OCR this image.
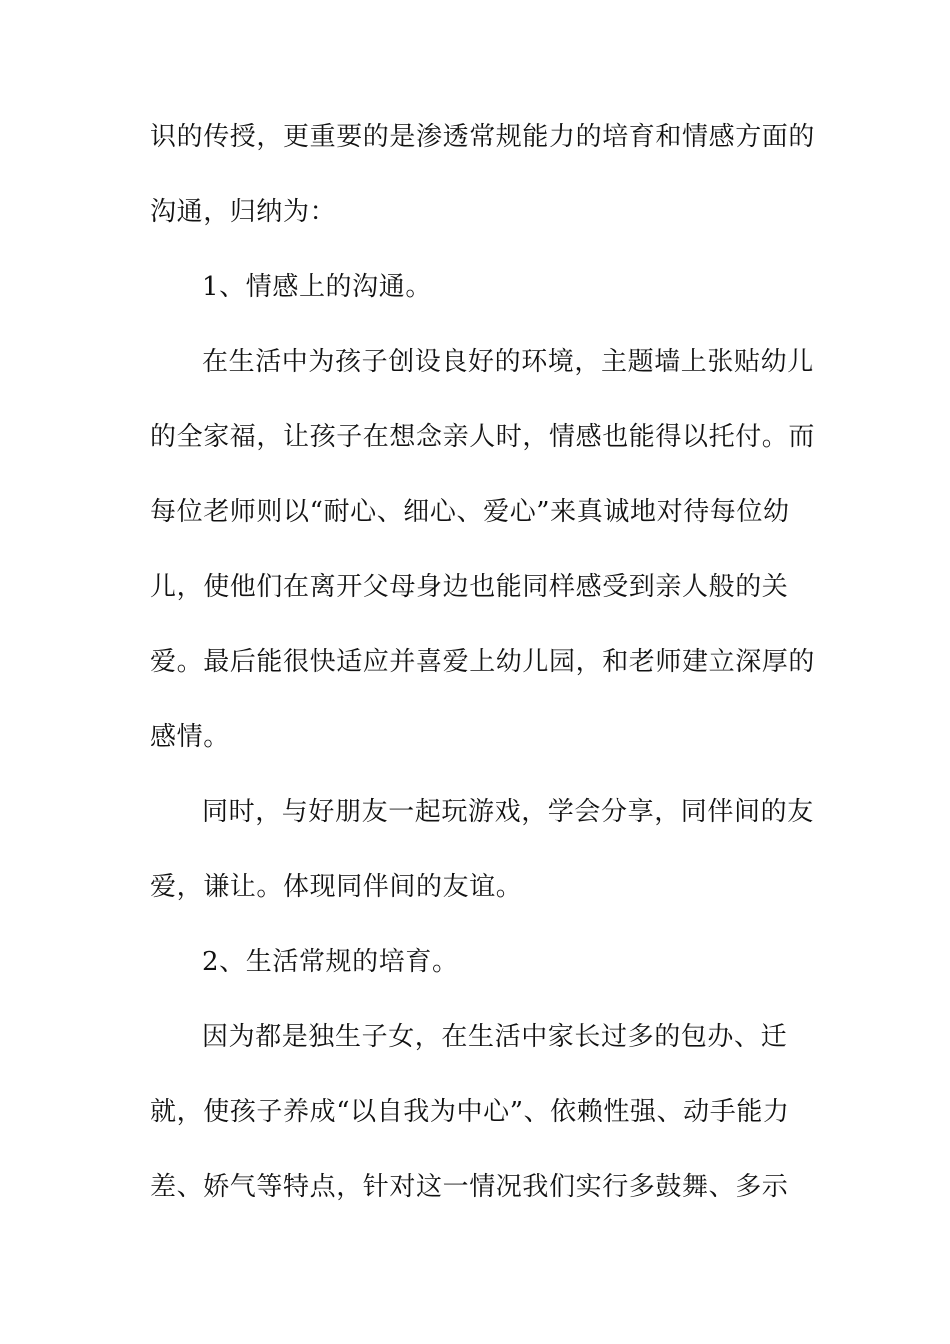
识的传授，更重要的是渗透常规能力的培育和情感方面的

沟通，归纳为：

1、情感上的沟通。

在生活中为孩子创设良好的环境，主题墙上张贴幼儿

的全家福，让孩子在想念亲人时，情感也能得以托付。而

每位老师则以“耐心、细心、爱心”来真诚地对待每位幼

儿，使他们在离开父母身边也能同样感受到亲人般的关

爱。最后能很快适应并喜爱上幼儿园，和老师建立深厚的

感情。

同时，与好朋友一起玩游戏，学会分享，同伴间的友

爱，谦让。体现同伴间的友谊。

2、生活常规的培育。

因为都是独生子女，在生活中家长过多的包办、迁

就，使孩子养成“以自我为中心”、依赖性强、动手能力

差、娇气等特点，针对这一情况我们实行多鼓舞、多示
